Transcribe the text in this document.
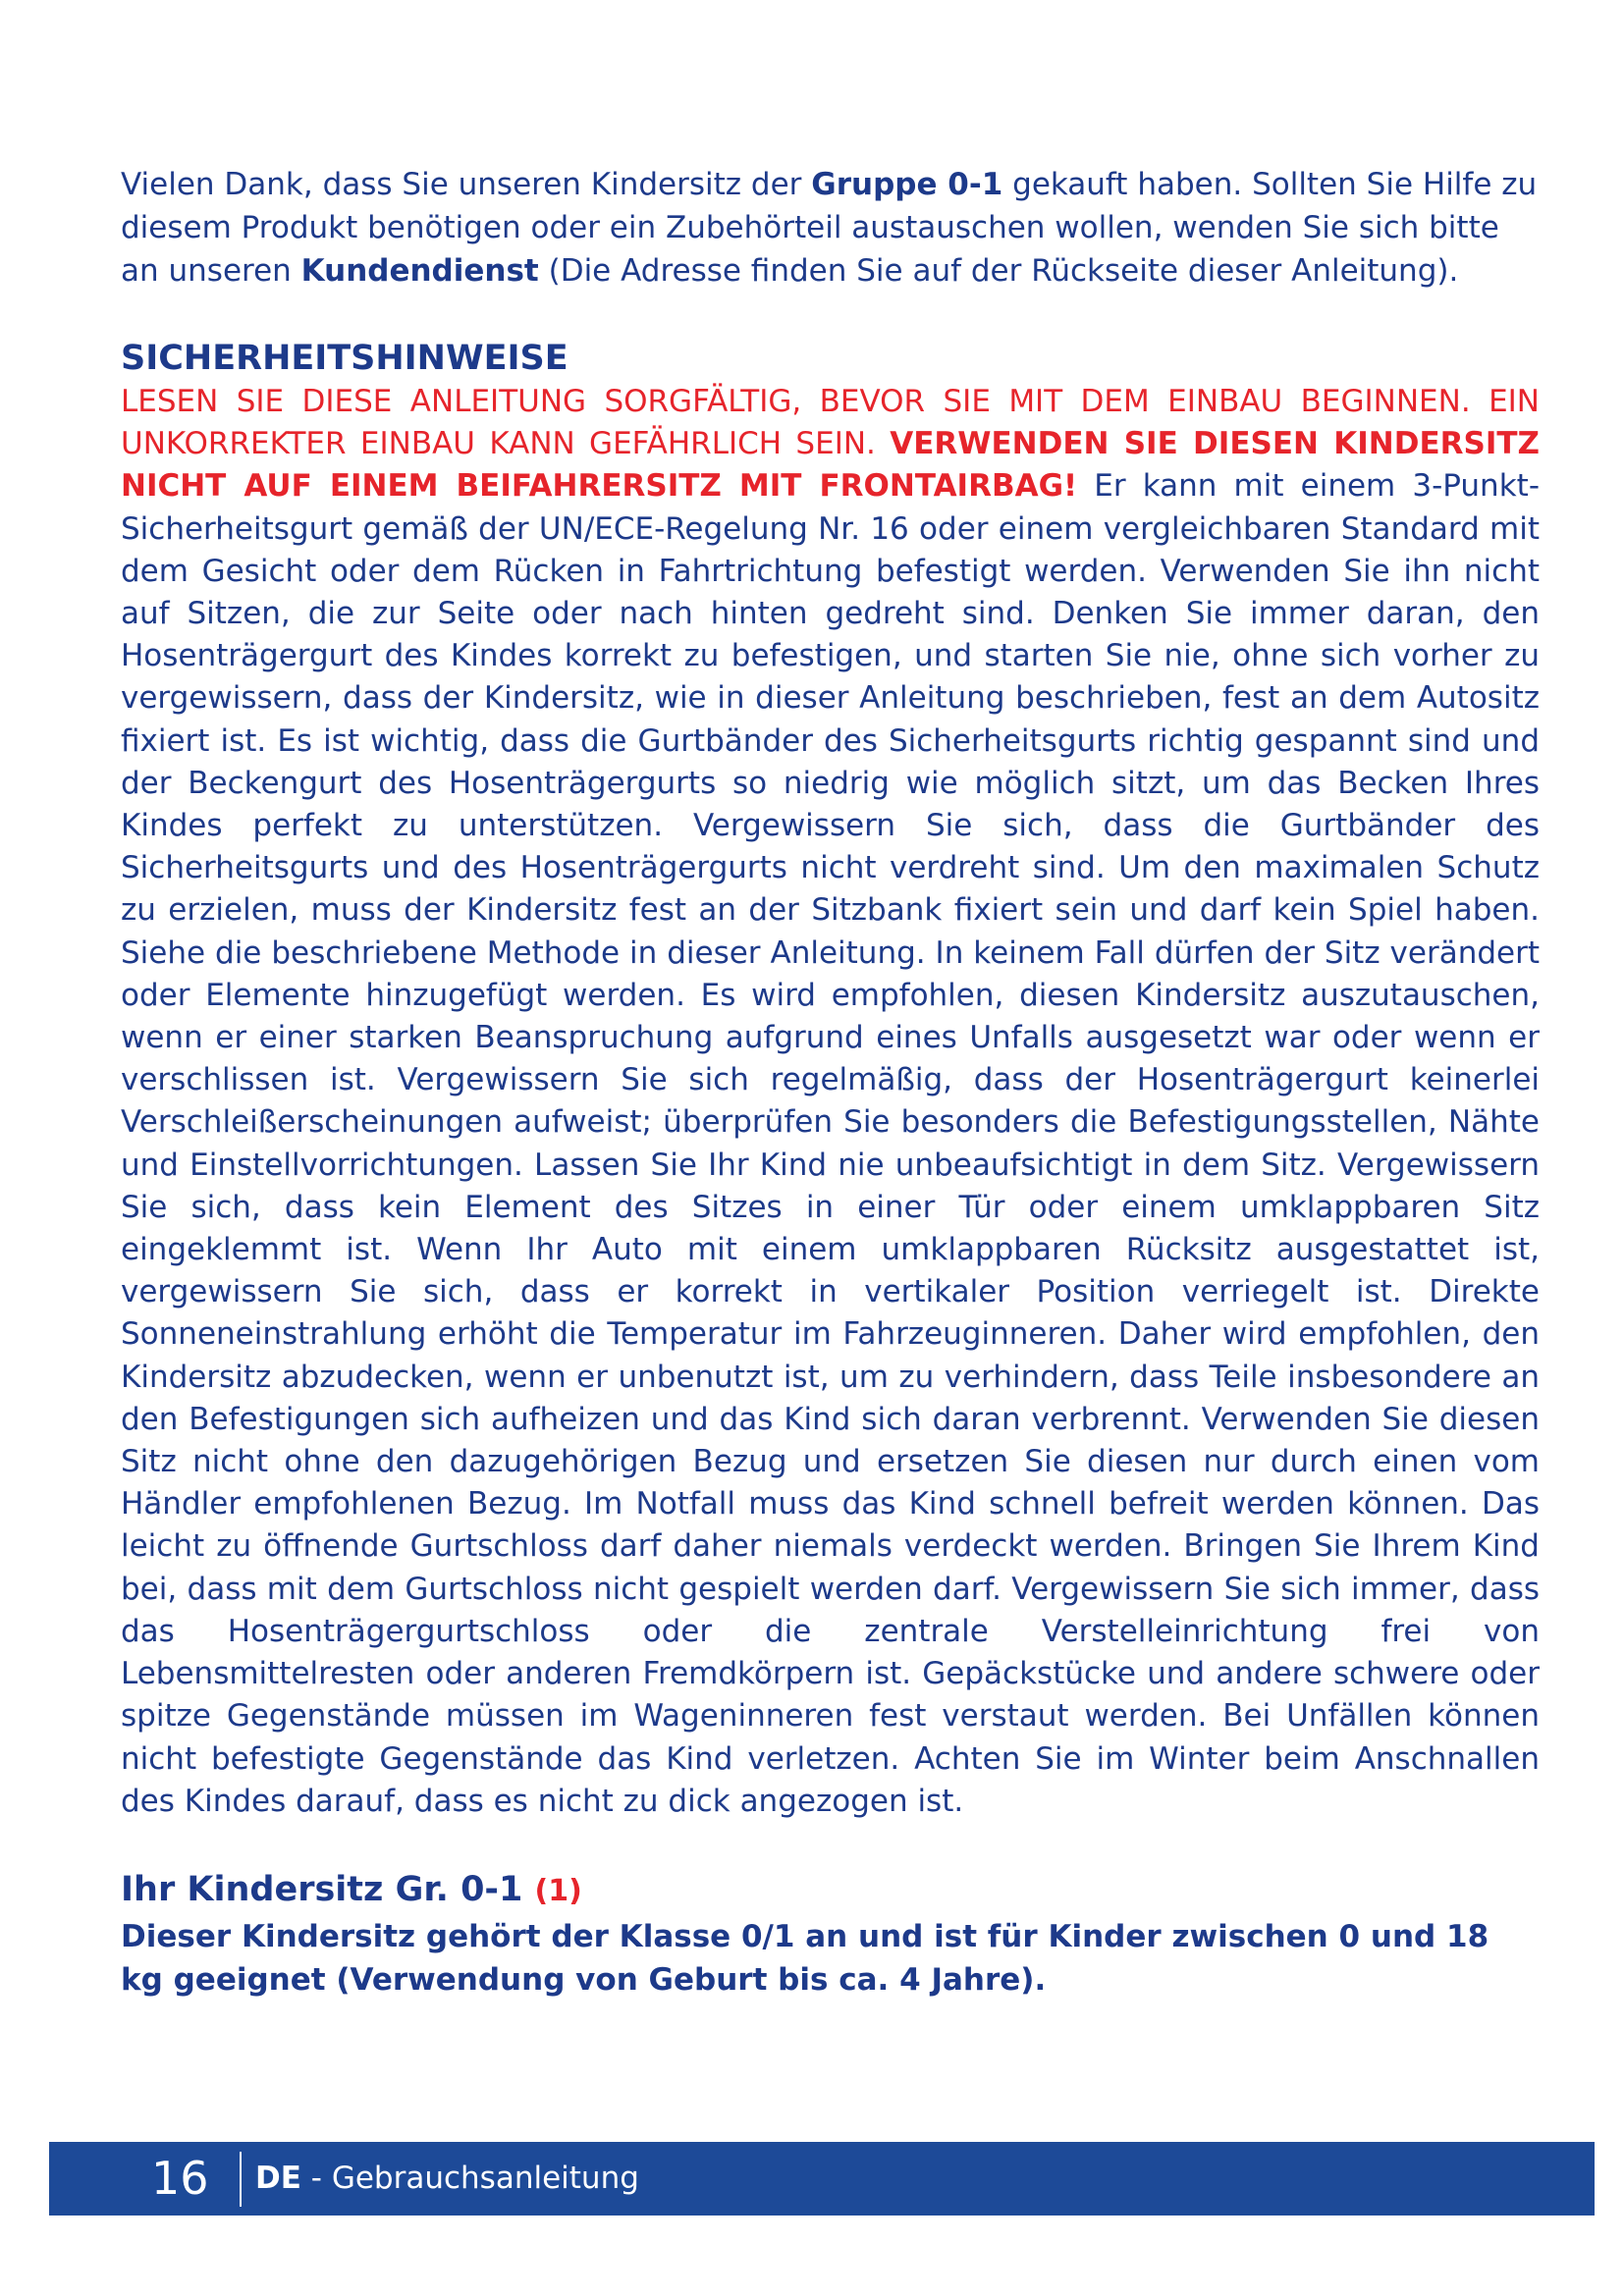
Vielen Dank, dass Sie unseren Kindersitz der Gruppe 0-1 gekauft haben. Sollten Sie Hilfe zu diesem Produkt benötigen oder ein Zubehörteil austauschen wollen, wenden Sie sich bitte an unseren Kundendienst (Die Adresse finden Sie auf der Rückseite dieser Anleitung).

SICHERHEITSHINWEISE

LESEN SIE DIESE ANLEITUNG SORGFÄLTIG, BEVOR SIE MIT DEM EINBAU BEGINNEN. EIN UNKORREKTER EINBAU KANN GEFÄHRLICH SEIN. VERWENDEN SIE DIESEN KINDERSITZ NICHT AUF EINEM BEIFAHRERSITZ MIT FRONTAIRBAG! Er kann mit einem 3-Punkt-Sicherheitsgurt gemäß der UN/ECE-Regelung Nr. 16 oder einem vergleichbaren Standard mit dem Gesicht oder dem Rücken in Fahrtrichtung befestigt werden. Verwenden Sie ihn nicht auf Sitzen, die zur Seite oder nach hinten gedreht sind. Denken Sie immer daran, den Hosenträgergurt des Kindes korrekt zu befestigen, und starten Sie nie, ohne sich vorher zu vergewissern, dass der Kindersitz, wie in dieser Anleitung beschrieben, fest an dem Autositz fixiert ist. Es ist wichtig, dass die Gurtbänder des Sicherheitsgurts richtig gespannt sind und der Beckengurt des Hosenträgergurts so niedrig wie möglich sitzt, um das Becken Ihres Kindes perfekt zu unterstützen. Vergewissern Sie sich, dass die Gurtbänder des Sicherheitsgurts und des Hosenträgergurts nicht verdreht sind. Um den maximalen Schutz zu erzielen, muss der Kindersitz fest an der Sitzbank fixiert sein und darf kein Spiel haben. Siehe die beschriebene Methode in dieser Anleitung. In keinem Fall dürfen der Sitz verändert oder Elemente hinzugefügt werden. Es wird empfohlen, diesen Kindersitz auszutauschen, wenn er einer starken Beanspruchung aufgrund eines Unfalls ausgesetzt war oder wenn er verschlissen ist. Vergewissern Sie sich regelmäßig, dass der Hosenträgergurt keinerlei Verschleißerscheinungen aufweist; überprüfen Sie besonders die Befestigungsstellen, Nähte und Einstellvorrichtungen. Lassen Sie Ihr Kind nie unbeaufsichtigt in dem Sitz. Vergewissern Sie sich, dass kein Element des Sitzes in einer Tür oder einem umklappbaren Sitz eingeklemmt ist. Wenn Ihr Auto mit einem umklappbaren Rücksitz ausgestattet ist, vergewissern Sie sich, dass er korrekt in vertikaler Position verriegelt ist. Direkte Sonneneinstrahlung erhöht die Temperatur im Fahrzeuginneren. Daher wird empfohlen, den Kindersitz abzudecken, wenn er unbenutzt ist, um zu verhindern, dass Teile insbesondere an den Befestigungen sich aufheizen und das Kind sich daran verbrennt. Verwenden Sie diesen Sitz nicht ohne den dazugehörigen Bezug und ersetzen Sie diesen nur durch einen vom Händler empfohlenen Bezug. Im Notfall muss das Kind schnell befreit werden können. Das leicht zu öffnende Gurtschloss darf daher niemals verdeckt werden. Bringen Sie Ihrem Kind bei, dass mit dem Gurtschloss nicht gespielt werden darf. Vergewissern Sie sich immer, dass das Hosenträgergurtschloss oder die zentrale Verstelleinrichtung frei von Lebensmittelresten oder anderen Fremdkörpern ist. Gepäckstücke und andere schwere oder spitze Gegenstände müssen im Wageninneren fest verstaut werden. Bei Unfällen können nicht befestigte Gegenstände das Kind verletzen. Achten Sie im Winter beim Anschnallen des Kindes darauf, dass es nicht zu dick angezogen ist.

Ihr Kindersitz Gr. 0-1 (1)

Dieser Kindersitz gehört der Klasse 0/1 an und ist für Kinder zwischen 0 und 18 kg geeignet (Verwendung von Geburt bis ca. 4 Jahre).

16 DE - Gebrauchsanleitung
